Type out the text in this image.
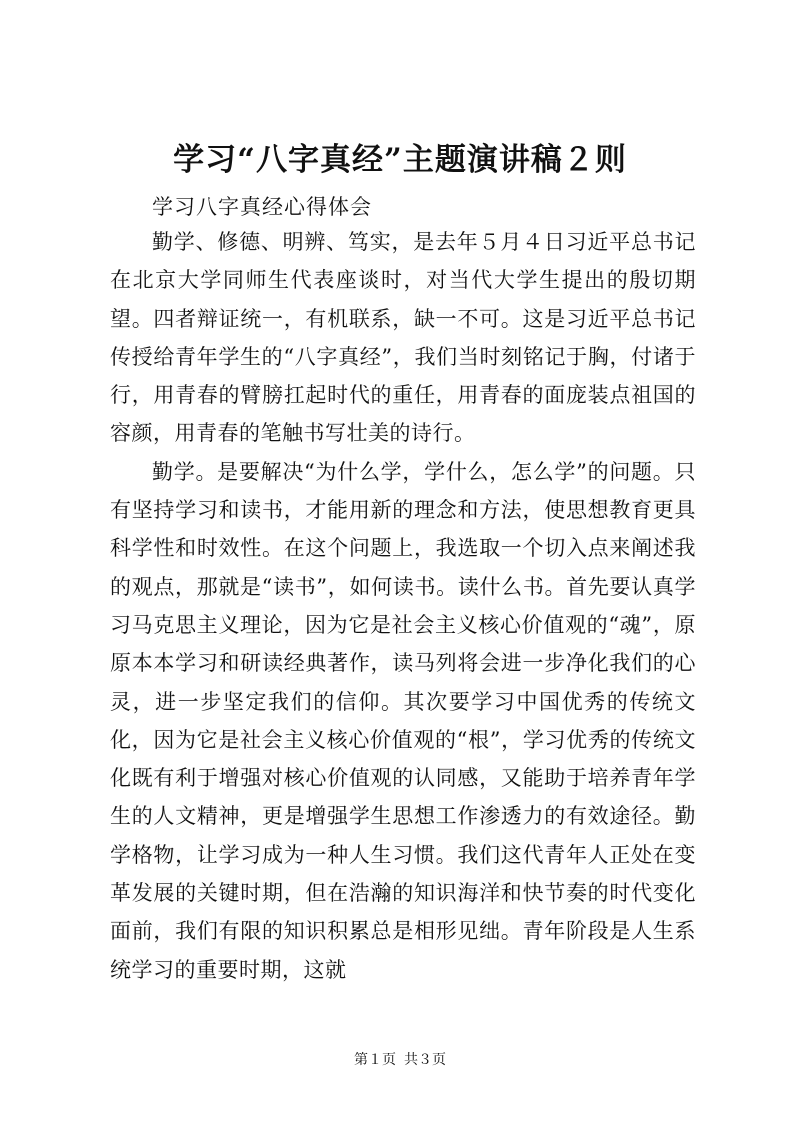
学习“八字真经”主题演讲稿２则
学习八字真经心得体会

勤学、修德、明辨、笃实，是去年５月４日习近平总书记在北京大学同师生代表座谈时，对当代大学生提出的殷切期望。四者辩证统一，有机联系，缺一不可。这是习近平总书记传授给青年学生的“八字真经”，我们当时刻铭记于胸，付诸于行，用青春的臂膀扛起时代的重任，用青春的面庞装点祖国的容颜，用青春的笔触书写壮美的诗行。

勤学。是要解决“为什么学，学什么，怎么学”的问题。只有坚持学习和读书，才能用新的理念和方法，使思想教育更具科学性和时效性。在这个问题上，我选取一个切入点来阐述我的观点，那就是“读书”，如何读书。读什么书。首先要认真学习马克思主义理论，因为它是社会主义核心价值观的“魂”，原原本本学习和研读经典著作，读马列将会进一步净化我们的心灵，进一步坚定我们的信仰。其次要学习中国优秀的传统文化，因为它是社会主义核心价值观的“根”，学习优秀的传统文化既有利于增强对核心价值观的认同感，又能助于培养青年学生的人文精神，更是增强学生思想工作渗透力的有效途径。勤学格物，让学习成为一种人生习惯。我们这代青年人正处在变革发展的关键时期，但在浩瀚的知识海洋和快节奏的时代变化面前，我们有限的知识积累总是相形见绌。青年阶段是人生系统学习的重要时期，这就

第１页 共３页
